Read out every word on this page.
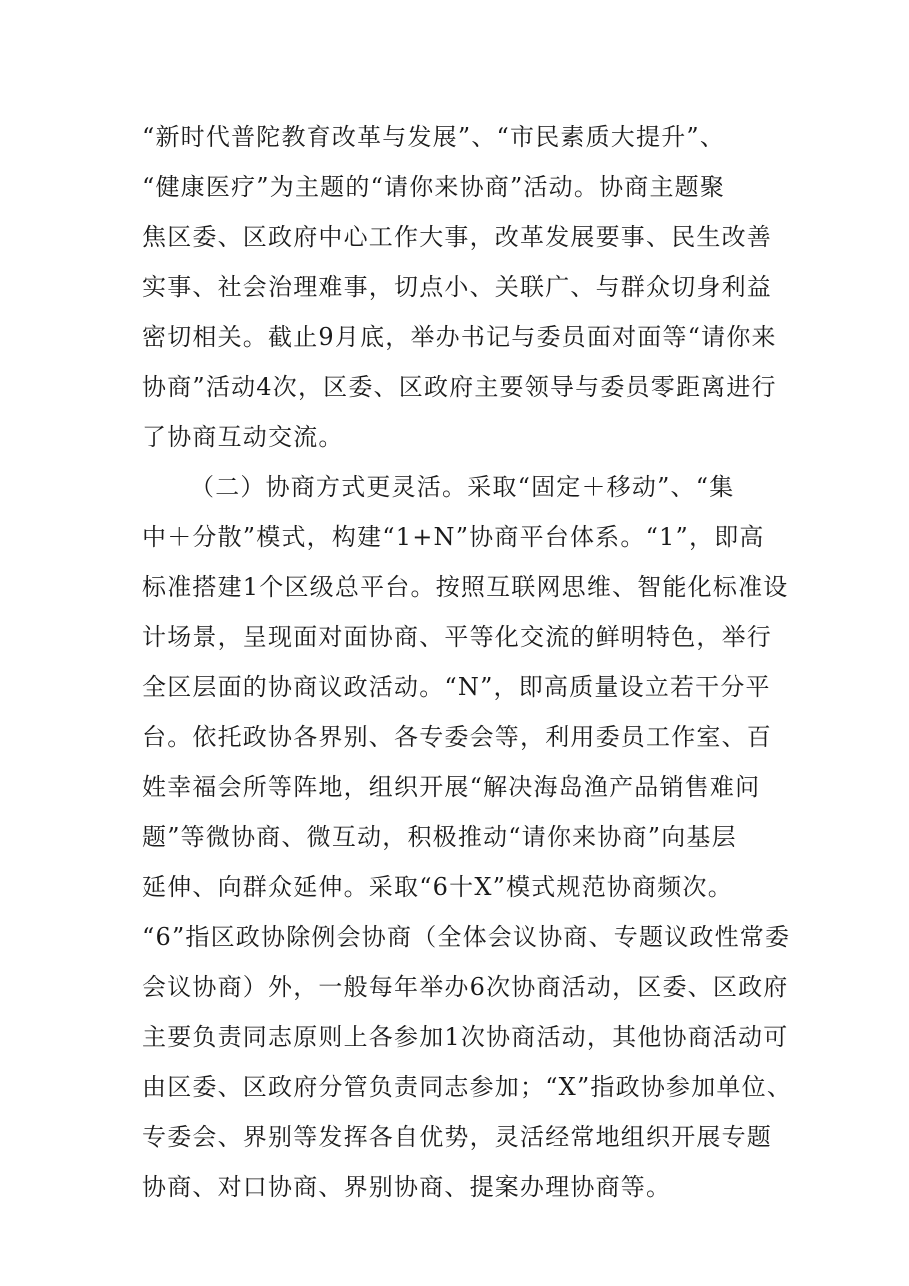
“新时代普陀教育改革与发展”、“市民素质大提升”、
“健康医疗”为主题的“请你来协商”活动。协商主题聚
焦区委、区政府中心工作大事，改革发展要事、民生改善
实事、社会治理难事，切点小、关联广、与群众切身利益
密切相关。截止9月底，举办书记与委员面对面等“请你来
协商”活动4次，区委、区政府主要领导与委员零距离进行
了协商互动交流。
（二）协商方式更灵活。采取“固定＋移动”、“集
中＋分散”模式，构建“1+N”协商平台体系。“1”，即高
标准搭建1个区级总平台。按照互联网思维、智能化标准设
计场景，呈现面对面协商、平等化交流的鲜明特色，举行
全区层面的协商议政活动。“N”，即高质量设立若干分平
台。依托政协各界别、各专委会等，利用委员工作室、百
姓幸福会所等阵地，组织开展“解决海岛渔产品销售难问
题”等微协商、微互动，积极推动“请你来协商”向基层
延伸、向群众延伸。采取“6十X”模式规范协商频次。
“6”指区政协除例会协商（全体会议协商、专题议政性常委
会议协商）外，一般每年举办6次协商活动，区委、区政府
主要负责同志原则上各参加1次协商活动，其他协商活动可
由区委、区政府分管负责同志参加；“X”指政协参加单位、
专委会、界别等发挥各自优势，灵活经常地组织开展专题
协商、对口协商、界别协商、提案办理协商等。
